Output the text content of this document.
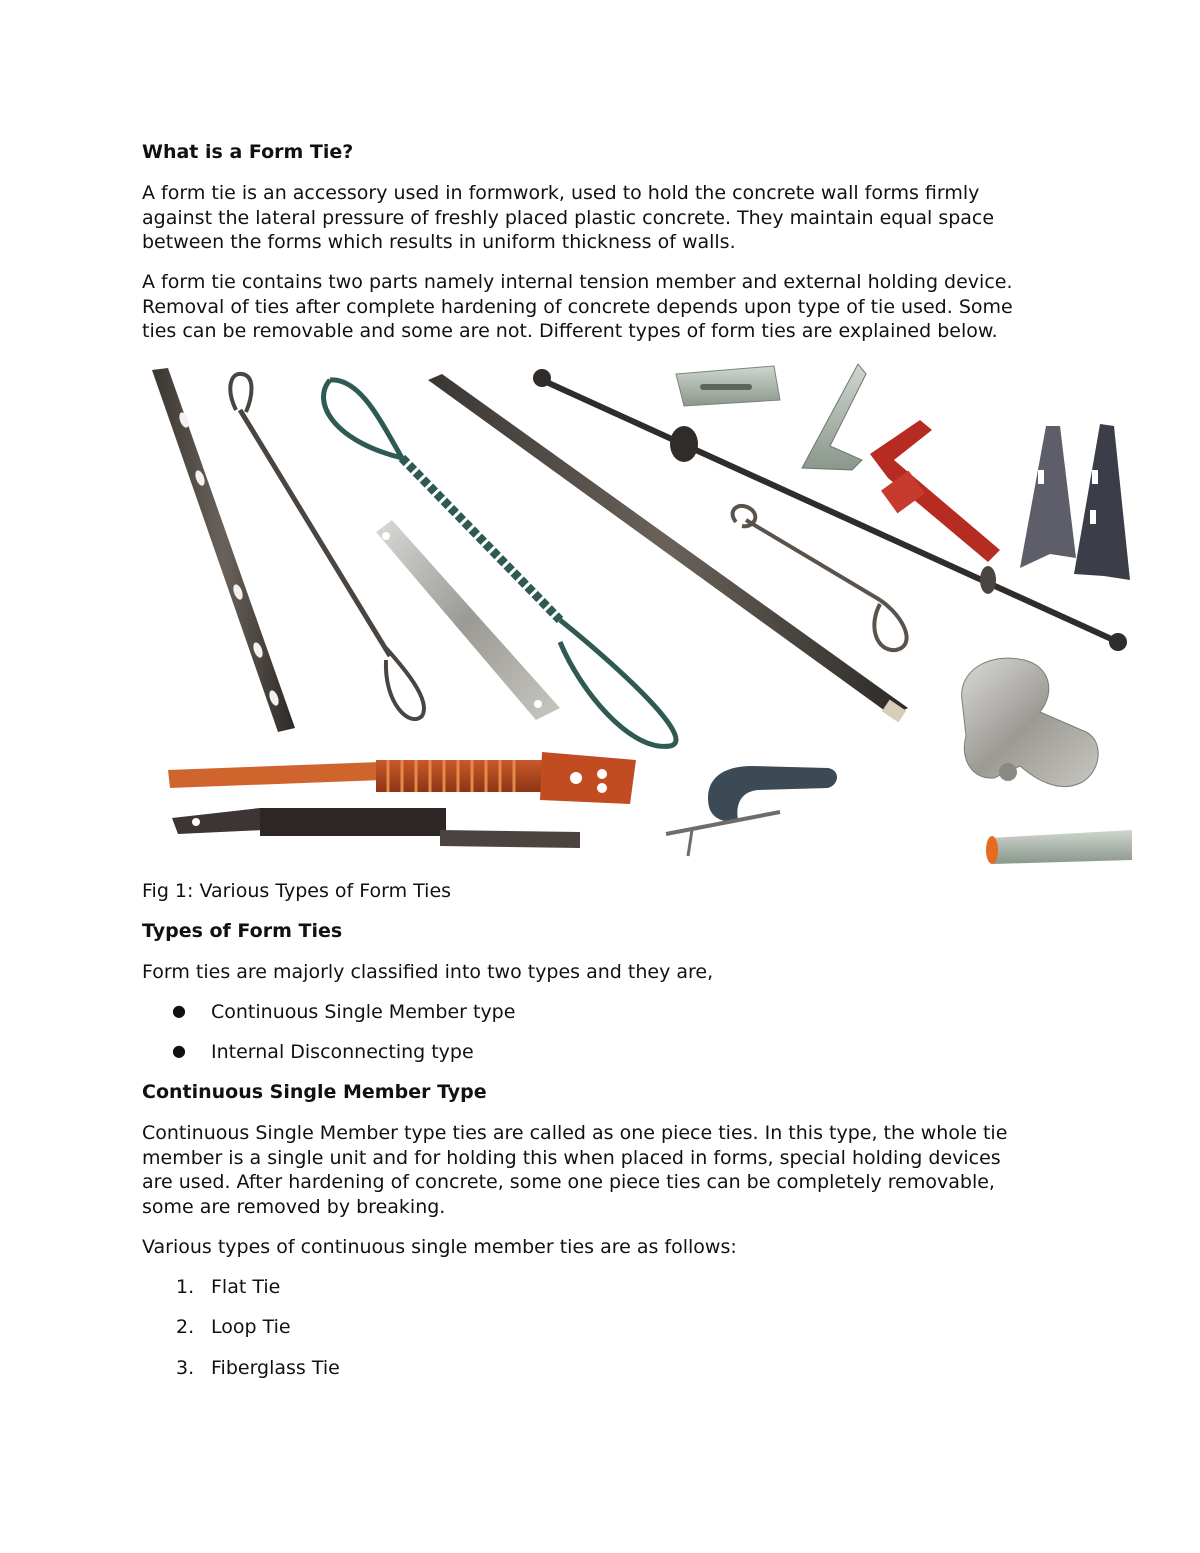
What is a Form Tie?

A form tie is an accessory used in formwork, used to hold the concrete wall forms firmly
against the lateral pressure of freshly placed plastic concrete. They maintain equal space
between the forms which results in uniform thickness of walls.

A form tie contains two parts namely internal tension member and external holding device.
Removal of ties after complete hardening of concrete depends upon type of tie used. Some
ties can be removable and some are not. Different types of form ties are explained below.

Fig 1: Various Types of Form Ties
Types of Form Ties

Form ties are majorly classified into two types and they are,

● Continuous Single Member type
● Internal Disconnecting type
Continuous Single Member Type

Continuous Single Member type ties are called as one piece ties. In this type, the whole tie
member is a single unit and for holding this when placed in forms, special holding devices
are used. After hardening of concrete, some one piece ties can be completely removable,
some are removed by breaking.

Various types of continuous single member ties are as follows:

1. Flat Tie
2. Loop Tie
3. Fiberglass Tie
